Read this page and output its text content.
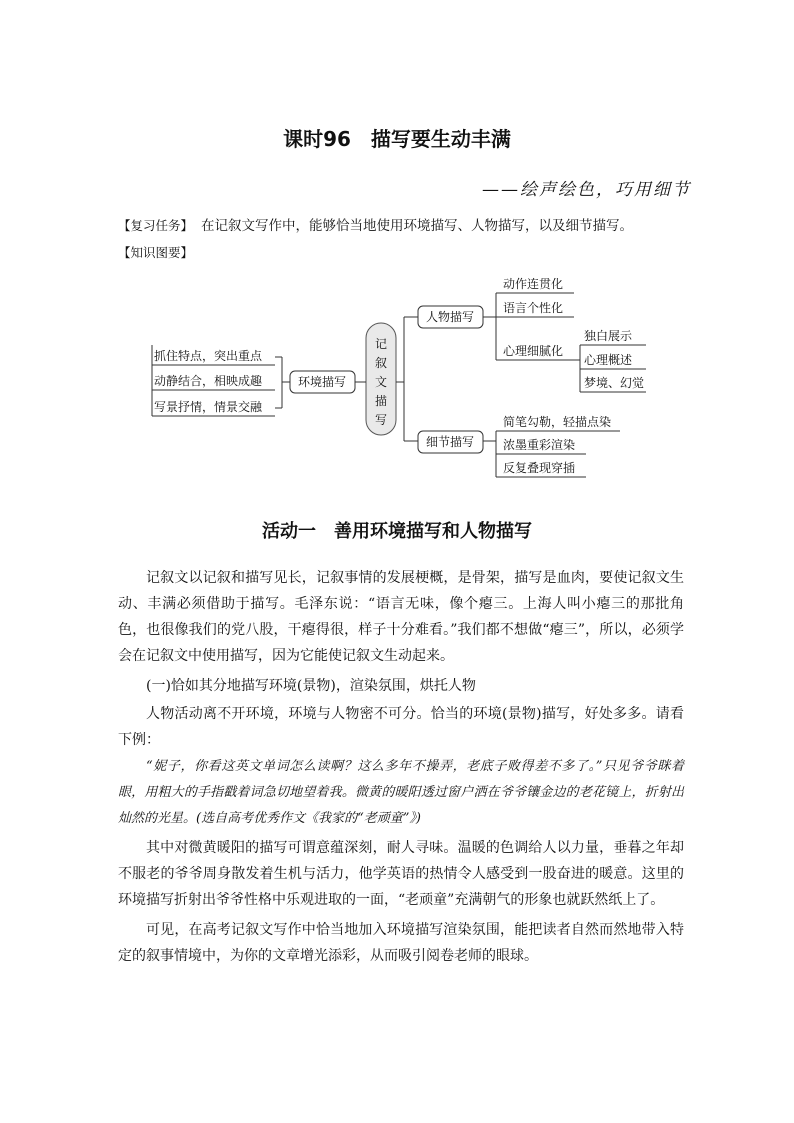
课时96　描写要生动丰满
——绘声绘色，巧用细节
【复习任务】 在记叙文写作中，能够恰当地使用环境描写、人物描写，以及细节描写。
【知识图要】
记
叙
文
描
写
环境描写
抓住特点，突出重点
动静结合，相映成趣
写景抒情，情景交融
人物描写
动作连贯化
语言个性化
心理细腻化
独白展示
心理概述
梦境、幻觉
细节描写
简笔勾勒，轻描点染
浓墨重彩渲染
反复叠现穿插
活动一　善用环境描写和人物描写

记叙文以记叙和描写见长，记叙事情的发展梗概，是骨架，描写是血肉，要使记叙文生动、丰满必须借助于描写。毛泽东说：“语言无味，像个瘪三。上海人叫小瘪三的那批角色，也很像我们的党八股，干瘪得很，样子十分难看。”我们都不想做“瘪三”，所以，必须学会在记叙文中使用描写，因为它能使记叙文生动起来。

(一)恰如其分地描写环境(景物)，渲染氛围，烘托人物

人物活动离不开环境，环境与人物密不可分。恰当的环境(景物)描写，好处多多。请看下例：

“妮子，你看这英文单词怎么读啊？这么多年不操弄，老底子败得差不多了。”只见爷爷眯着眼，用粗大的手指戳着词急切地望着我。微黄的暖阳透过窗户洒在爷爷镶金边的老花镜上，折射出灿然的光星。(选自高考优秀作文《我家的“老顽童”》)

其中对微黄暖阳的描写可谓意蕴深刻，耐人寻味。温暖的色调给人以力量，垂暮之年却不服老的爷爷周身散发着生机与活力，他学英语的热情令人感受到一股奋进的暖意。这里的环境描写折射出爷爷性格中乐观进取的一面，“老顽童”充满朝气的形象也就跃然纸上了。

可见，在高考记叙文写作中恰当地加入环境描写渲染氛围，能把读者自然而然地带入特定的叙事情境中，为你的文章增光添彩，从而吸引阅卷老师的眼球。
